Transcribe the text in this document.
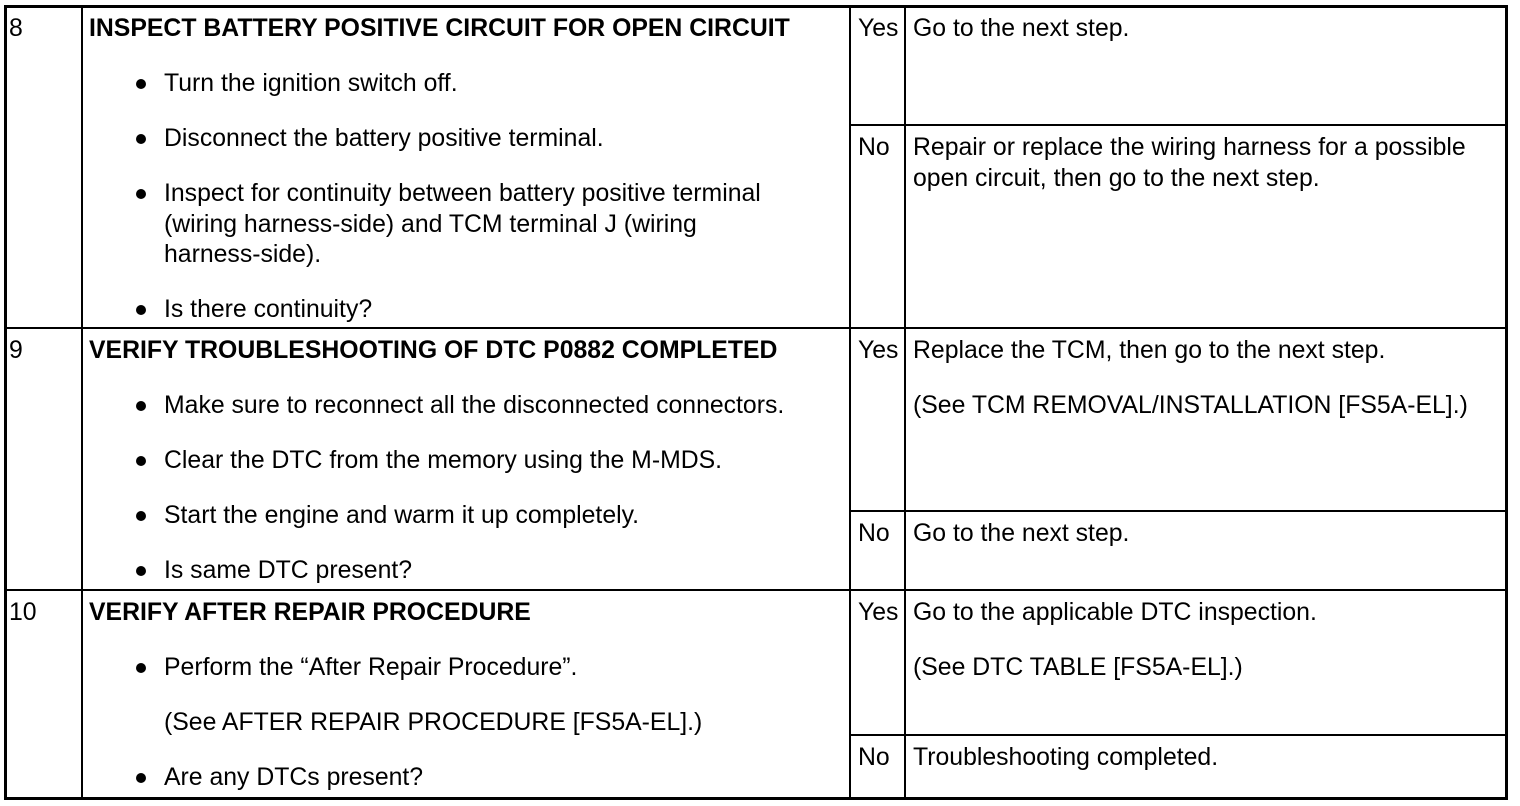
8	INSPECT BATTERY POSITIVE CIRCUIT FOR OPEN CIRCUIT
Turn the ignition switch off.
Disconnect the battery positive terminal.
Inspect for continuity between battery positive terminal
(wiring harness-side) and TCM terminal J (wiring
harness-side).
Is there continuity?
Yes Go to the next step.
No Repair or replace the wiring harness for a possible
open circuit, then go to the next step.
9	VERIFY TROUBLESHOOTING OF DTC P0882 COMPLETED
Make sure to reconnect all the disconnected connectors.
Clear the DTC from the memory using the M-MDS.
Start the engine and warm it up completely.
Is same DTC present?
Yes Replace the TCM, then go to the next step.
(See TCM REMOVAL/INSTALLATION [FS5A-EL].)
No Go to the next step.
10	VERIFY AFTER REPAIR PROCEDURE
Perform the “After Repair Procedure”.
(See AFTER REPAIR PROCEDURE [FS5A-EL].)
Are any DTCs present?
Yes Go to the applicable DTC inspection.
(See DTC TABLE [FS5A-EL].)
No Troubleshooting completed.
